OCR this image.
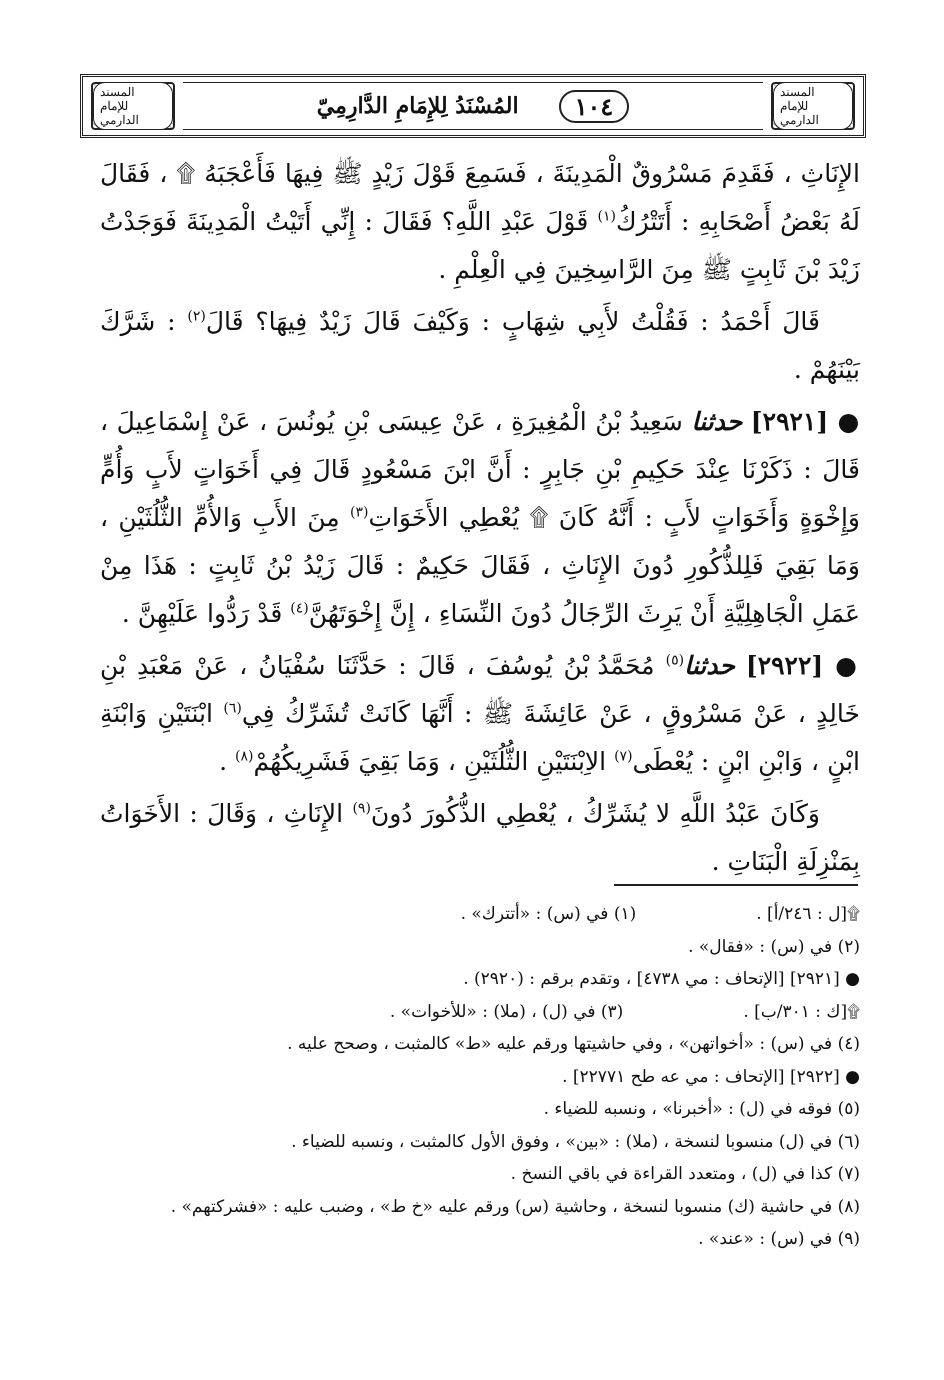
المسند للإمام الدارمي
المُسْنَدُ لِلإِمَامِ الدَّارِمِيّ	١٠٤	المسند للإمام الدارمي

الإِنَاثِ ، فَقَدِمَ مَسْرُوقٌ الْمَدِينَةَ ، فَسَمِعَ قَوْلَ زَيْدٍ ﷺ فِيهَا فَأَعْجَبَهُ ۩ ، فَقَالَ لَهُ بَعْضُ أَصْحَابِهِ : أَتَتْرُكُ$^{(١)}$ قَوْلَ عَبْدِ اللَّهِ؟ فَقَالَ : إِنِّي أَتَيْتُ الْمَدِينَةَ فَوَجَدْتُ زَيْدَ بْنَ ثَابِتٍ ﷺ مِنَ الرَّاسِخِينَ فِي الْعِلْمِ .

قَالَ أَحْمَدُ : فَقُلْتُ لأَبِي شِهَابٍ : وَكَيْفَ قَالَ زَيْدٌ فِيهَا؟ قَالَ$^{(٢)}$ : شَرَّكَ بَيْنَهُمْ .

● [٢٩٢١] حدثنا سَعِيدُ بْنُ الْمُغِيرَةِ ، عَنْ عِيسَى بْنِ يُونُسَ ، عَنْ إِسْمَاعِيلَ ، قَالَ : ذَكَرْنَا عِنْدَ حَكِيمِ بْنِ جَابِرٍ : أَنَّ ابْنَ مَسْعُودٍ قَالَ فِي أَخَوَاتٍ لأَبٍ وَأُمٍّ وَإِخْوَةٍ وَأَخَوَاتٍ لأَبٍ : أَنَّهُ كَانَ ۩ يُعْطِي الأَخَوَاتِ$^{(٣)}$ مِنَ الأَبِ وَالأُمِّ الثُّلُثَيْنِ ، وَمَا بَقِيَ فَلِلذُّكُورِ دُونَ الإِنَاثِ ، فَقَالَ حَكِيمٌ : قَالَ زَيْدُ بْنُ ثَابِتٍ : هَذَا مِنْ عَمَلِ الْجَاهِلِيَّةِ أَنْ يَرِثَ الرِّجَالُ دُونَ النِّسَاءِ ، إِنَّ إِخْوَتَهُنَّ$^{(٤)}$ قَدْ رَدُّوا عَلَيْهِنَّ .

● [٢٩٢٢] حدثنا$^{(٥)}$ مُحَمَّدُ بْنُ يُوسُفَ ، قَالَ : حَدَّثَنَا سُفْيَانُ ، عَنْ مَعْبَدِ بْنِ خَالِدٍ ، عَنْ مَسْرُوقٍ ، عَنْ عَائِشَةَ ﷺ : أَنَّهَا كَانَتْ تُشَرِّكُ فِي$^{(٦)}$ ابْنَتَيْنِ وَابْنَةِ ابْنٍ ، وَابْنِ ابْنٍ : يُعْطَى$^{(٧)}$ الاِبْنَتَيْنِ الثُّلُثَيْنِ ، وَمَا بَقِيَ فَشَرِيكُهُمْ$^{(٨)}$ .

وَكَانَ عَبْدُ اللَّهِ لا يُشَرِّكُ ، يُعْطِي الذُّكُورَ دُونَ$^{(٩)}$ الإِنَاثِ ، وَقَالَ : الأَخَوَاتُ بِمَنْزِلَةِ الْبَنَاتِ .

۩[ل : ٢٤٦/أ] .
(١) في (س) : «أتترك» .

(٢) في (س) : «فقال» .

● [٢٩٢١] [الإتحاف : مي ٤٧٣٨] ، وتقدم برقم : (٢٩٢٠) .

۩[ك : ٣٠١/ب] .
(٣) في (ل) ، (ملا) : «للأخوات» .

(٤) في (س) : «أخواتهن» ، وفي حاشيتها ورقم عليه «ط» كالمثبت ، وصحح عليه .

● [٢٩٢٢] [الإتحاف : مي عه طح ٢٢٧٧١] .

(٥) فوقه في (ل) : «أخبرنا» ، ونسبه للضياء .

(٦) في (ل) منسوبا لنسخة ، (ملا) : «بين» ، وفوق الأول كالمثبت ، ونسبه للضياء .

(٧) كذا في (ل) ، ومتعدد القراءة في باقي النسخ .

(٨) في حاشية (ك) منسوبا لنسخة ، وحاشية (س) ورقم عليه «خ ط» ، وضبب عليه : «فشركتهم» .

(٩) في (س) : «عند» .
